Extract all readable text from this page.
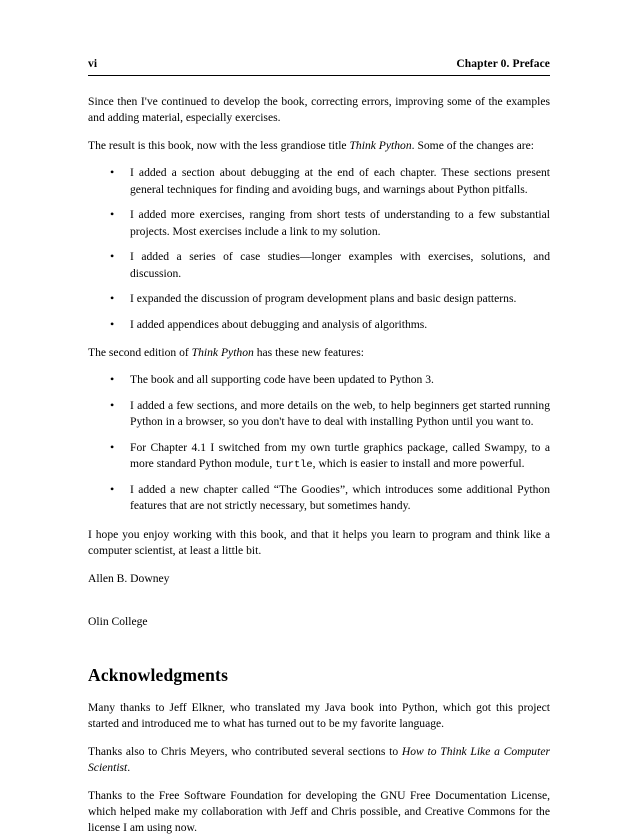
vi	Chapter 0. Preface

Since then I've continued to develop the book, correcting errors, improving some of the examples and adding material, especially exercises.

The result is this book, now with the less grandiose title Think Python. Some of the changes are:

• I added a section about debugging at the end of each chapter. These sections present general techniques for finding and avoiding bugs, and warnings about Python pitfalls.
• I added more exercises, ranging from short tests of understanding to a few substantial projects. Most exercises include a link to my solution.
• I added a series of case studies—longer examples with exercises, solutions, and discussion.
• I expanded the discussion of program development plans and basic design patterns.
• I added appendices about debugging and analysis of algorithms.

The second edition of Think Python has these new features:

• The book and all supporting code have been updated to Python 3.
• I added a few sections, and more details on the web, to help beginners get started running Python in a browser, so you don't have to deal with installing Python until you want to.
• For Chapter 4.1 I switched from my own turtle graphics package, called Swampy, to a more standard Python module, turtle, which is easier to install and more powerful.
• I added a new chapter called “The Goodies”, which introduces some additional Python features that are not strictly necessary, but sometimes handy.

I hope you enjoy working with this book, and that it helps you learn to program and think like a computer scientist, at least a little bit.

Allen B. Downey

Olin College

Acknowledgments

Many thanks to Jeff Elkner, who translated my Java book into Python, which got this project started and introduced me to what has turned out to be my favorite language.

Thanks also to Chris Meyers, who contributed several sections to How to Think Like a Computer Scientist.

Thanks to the Free Software Foundation for developing the GNU Free Documentation License, which helped make my collaboration with Jeff and Chris possible, and Creative Commons for the license I am using now.
